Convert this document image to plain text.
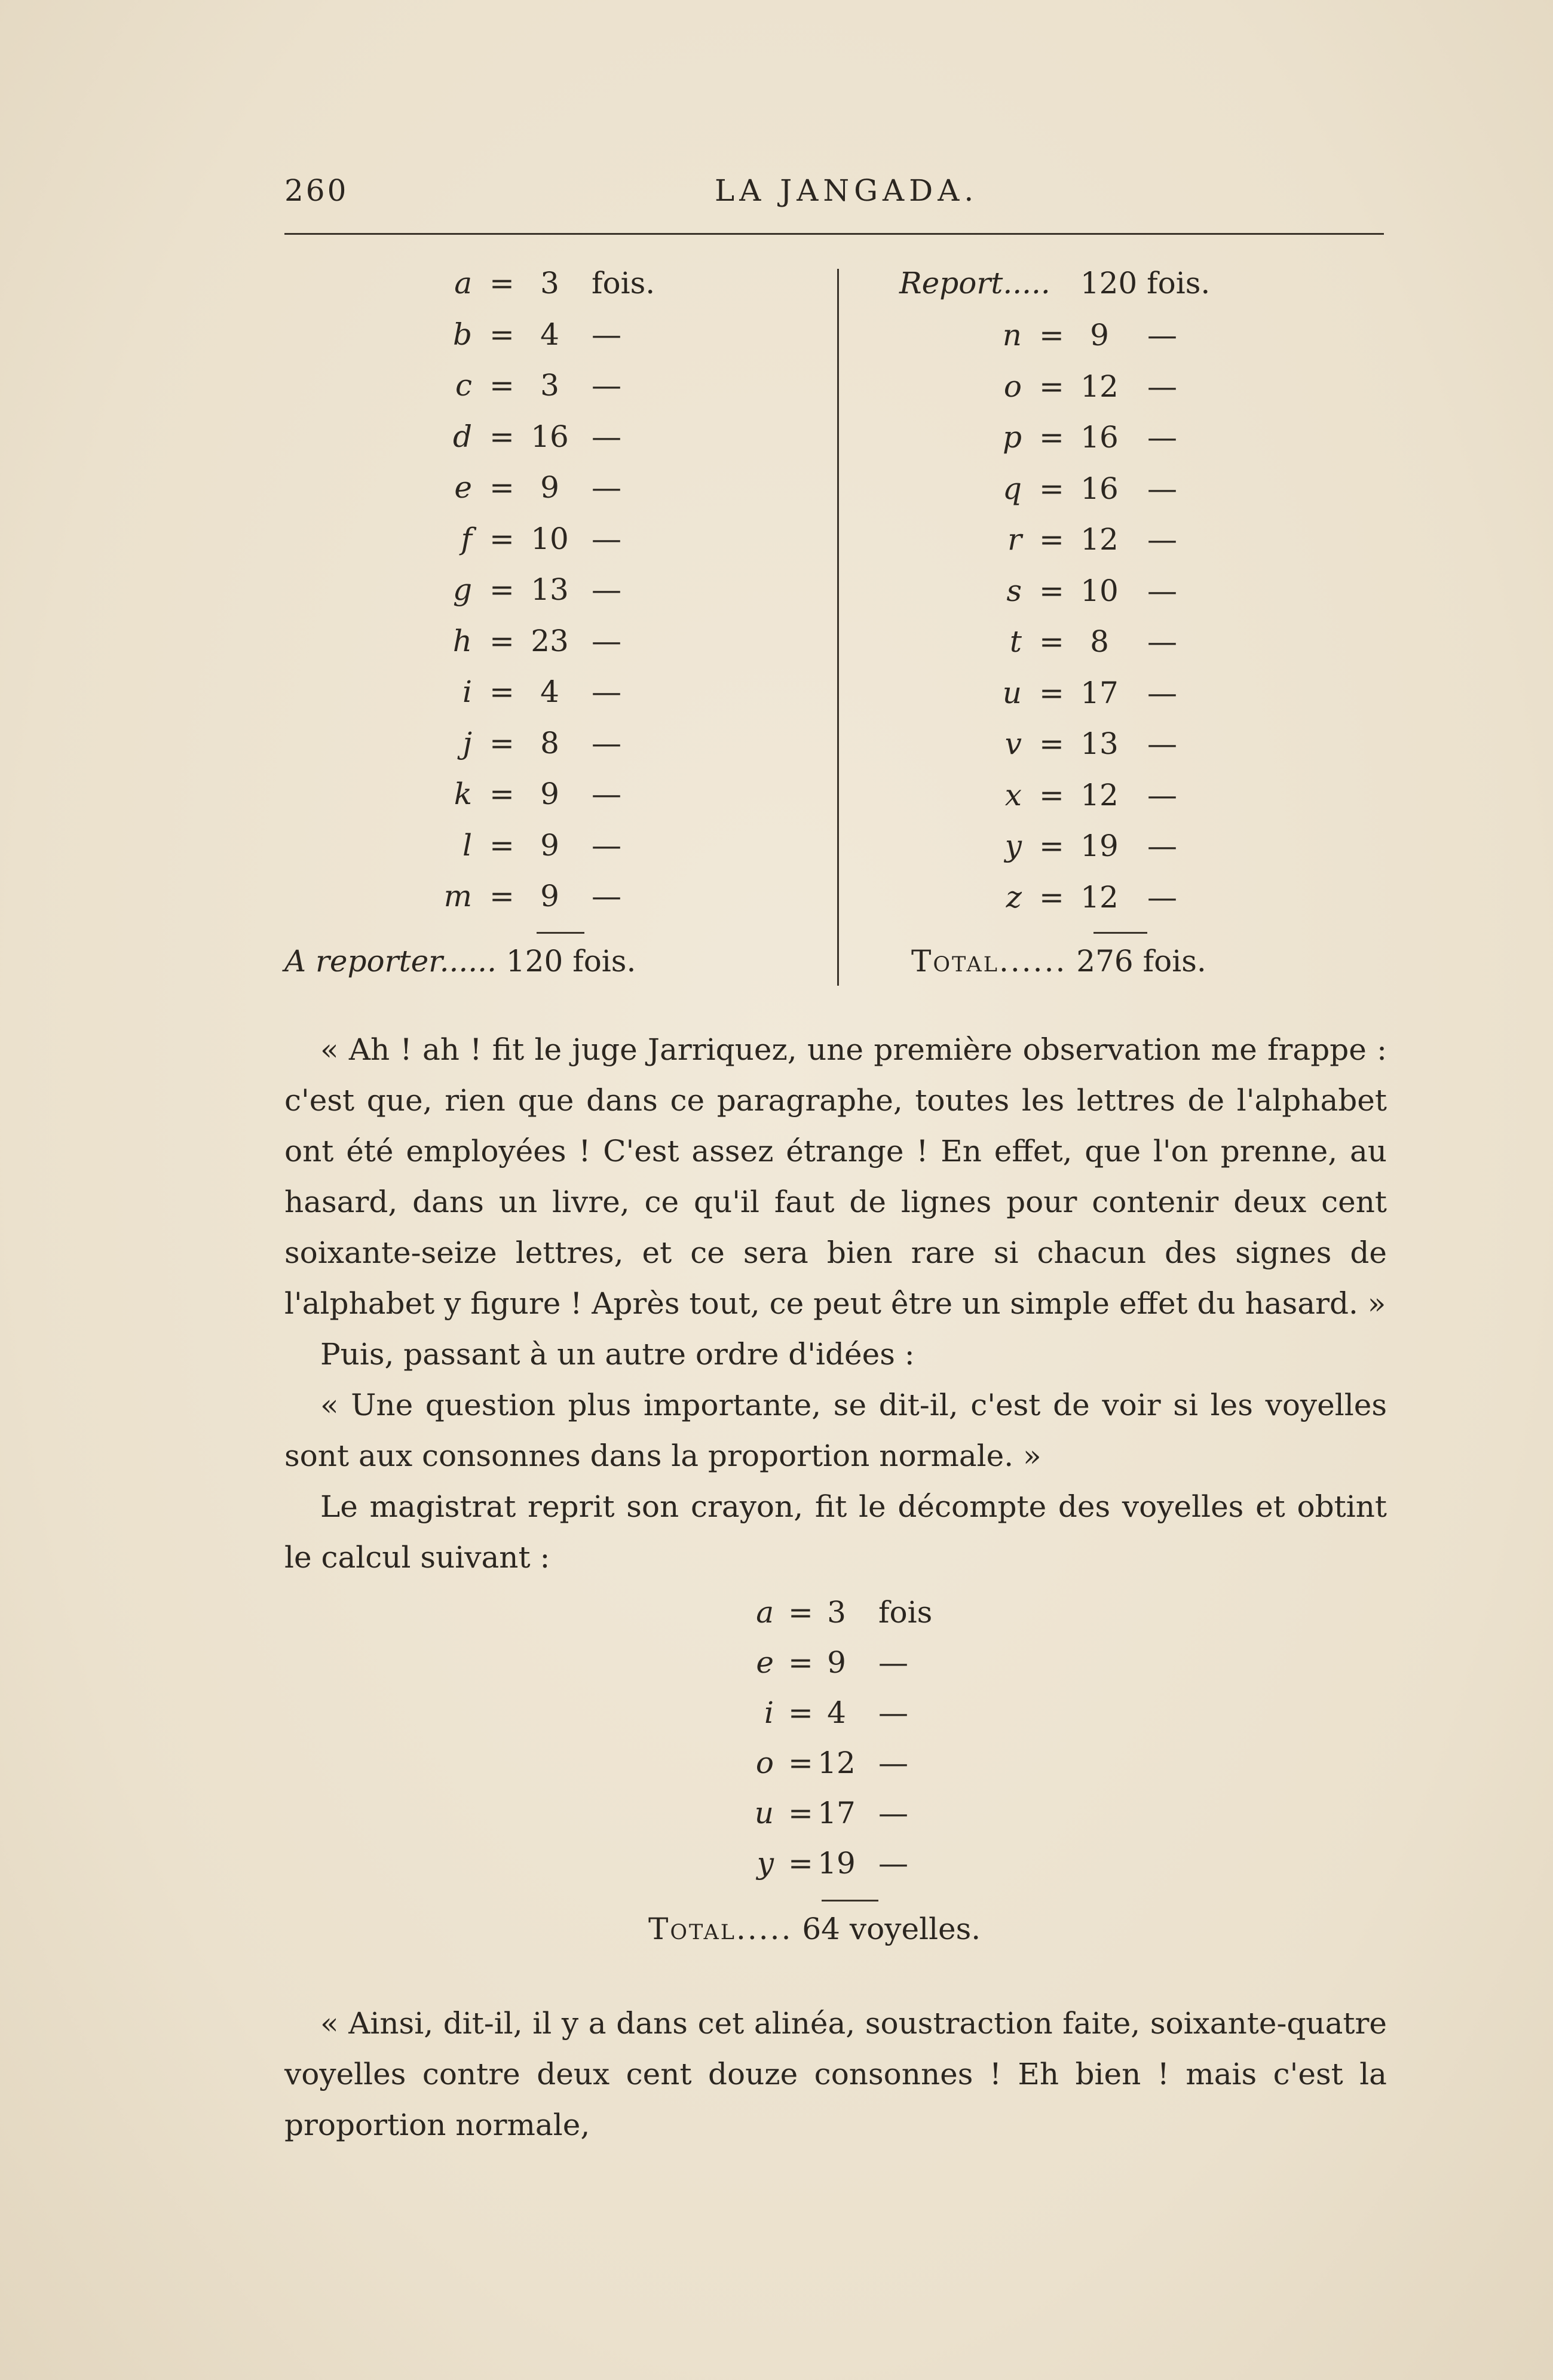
260	LA JANGADA.
a = 3	fois.
b = 4	—
c = 3	—
d = 16 —
e = 9	—
f = 10 —
g = 13 —
h = 23 —
i = 4	—
j = 8	—
k = 9	—
l = 9	—
m = 9	—
Report..... 120 fois.
n = 9	—
o = 12 —
p = 16 —
q = 16 —
r = 12 —
s = 10 —
t = 8	—
u = 17 —
v = 13 —
x = 12 —
y = 19 —
z = 12 —
A reporter...... 120 fois.	Total...... 276 fois.
« Ah ! ah ! fit le juge Jarriquez, une première observation me frappe : c'est que, rien que dans ce paragraphe, toutes les lettres de l'alphabet ont été employées ! C'est assez étrange ! En effet, que l'on prenne, au hasard, dans un livre, ce qu'il faut de lignes pour contenir deux cent soixante-seize lettres, et ce sera bien rare si chacun des signes de l'alphabet y figure ! Après tout, ce peut être un simple effet du hasard. »
Puis, passant à un autre ordre d'idées :
« Une question plus importante, se dit-il, c'est de voir si les voyelles sont aux consonnes dans la proportion normale. »
Le magistrat reprit son crayon, fit le décompte des voyelles et obtint le calcul suivant :
a = 3	fois
e = 9	—
i = 4	—
o = 12 —
u = 17 —
y = 19 —
Total..... 64 voyelles.
« Ainsi, dit-il, il y a dans cet alinéa, soustraction faite, soixante-quatre voyelles contre deux cent douze consonnes ! Eh bien ! mais c'est la proportion normale,
